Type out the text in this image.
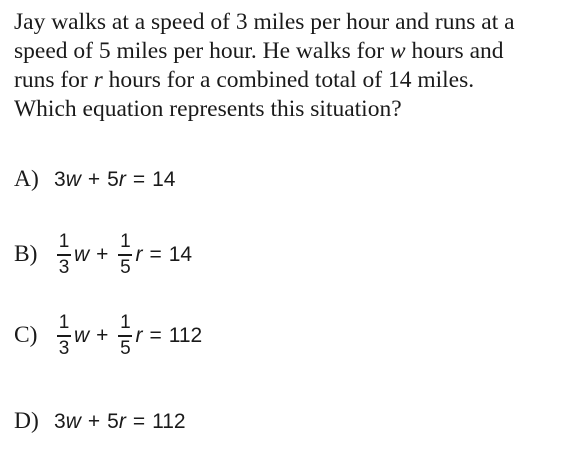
Jay walks at a speed of 3 miles per hour and runs at a
speed of 5 miles per hour. He walks for w hours and
runs for r hours for a combined total of 14 miles.
Which equation represents this situation?
A) 3 w + 5 r = 14
B)	$\frac{1}{3}$ $w + \frac{1}{5}$ r = 14
C)	$\frac{1}{3}$ $w + \frac{1}{5}$ r = 112
D) 3 w + 5 r = 112
